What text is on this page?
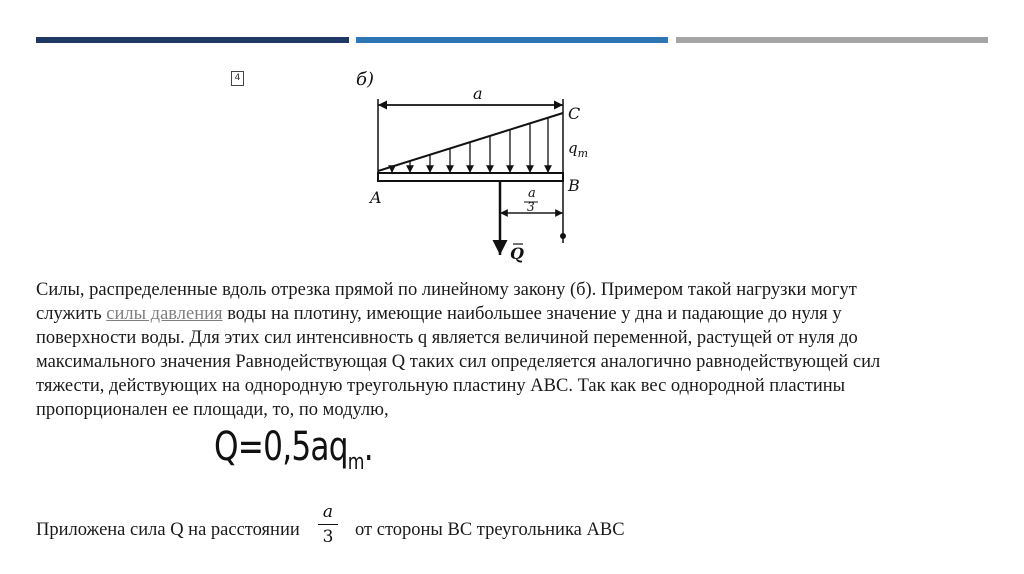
4	б)
a
C
A
B
$q_m$
Q
a
3
Силы, распределенные вдоль отрезка прямой по линейному закону (б). Примером такой нагрузки могут служить силы давления воды на плотину, имеющие наибольшее значение у дна и падающие до нуля у поверхности воды. Для этих сил интенсивность q является величиной переменной, растущей от нуля до максимального значения Равнодействующая Q таких сил определяется аналогично равнодействующей сил тяжести, действующих на однородную треугольную пластину ABC. Так как вес однородной пластины пропорционален ее площади, то, по модулю,
$Q=0,5aq_m$.
Приложена сила Q на расстоянии	от стороны BC треугольника ABC
a
3
